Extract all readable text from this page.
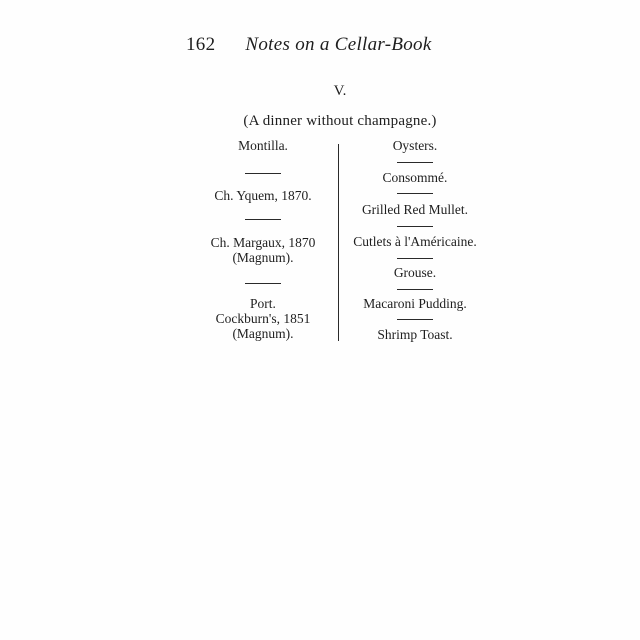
162 Notes on a Cellar-Book
V.
(A dinner without champagne.)
Montilla.
Ch. Yquem, 1870.
Ch. Margaux, 1870
(Magnum).
Port.
Cockburn's, 1851
(Magnum).
Oysters.
Consommé.
Grilled Red Mullet.
Cutlets à l'Américaine.
Grouse.
Macaroni Pudding.
Shrimp Toast.
